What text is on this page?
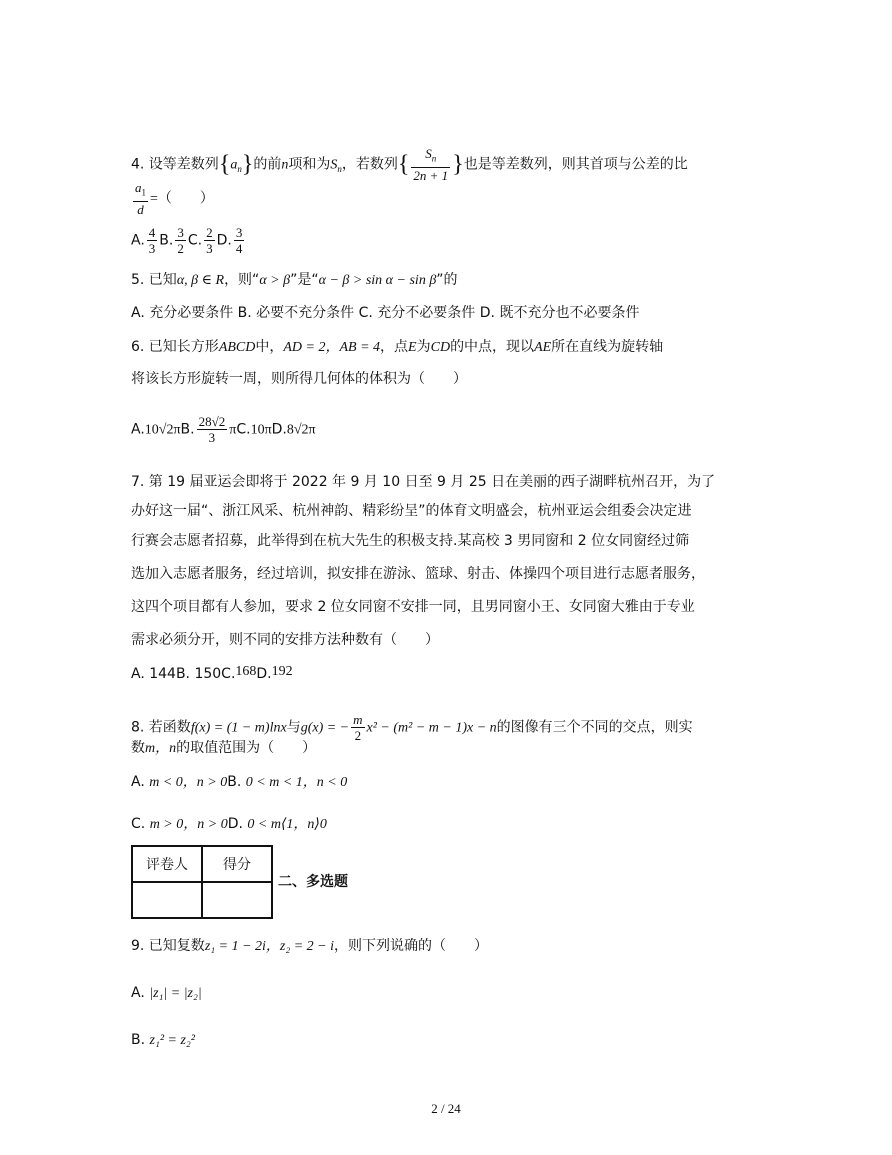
4. 设等差数列$\{a_n\}$的前n项和为$S_n$，若数列{ $\frac{S_n}{2n + 1}$ }也是等差数列，则其首项与公差的比
$\frac{a_1}{d}$ =（　　）
A. $\frac{4}{3} B$. $\frac{3}{2} C$. $\frac{2}{3} D$. $\frac{3}{4}$
5. 已知α, β ∈ R，则“α > β”是“α − β > sin α − sin β”的
A. 充分必要条件 B. 必要不充分条件 C. 充分不必要条件 D. 既不充分也不必要条件
6. 已知长方形ABCD中，AD = 2，AB = 4，点E为CD的中点，现以AE所在直线为旋转轴
将该长方形旋转一周，则所得几何体的体积为（　　）
A.10√2πB. $\frac{28√2}{3} \pi C.10\pi D.8√2\pi$
7. 第 19 届亚运会即将于 2022 年 9 月 10 日至 9 月 25 日在美丽的西子湖畔杭州召开，为了
办好这一届“、浙江风采、杭州神韵、精彩纷呈”的体育文明盛会，杭州亚运会组委会决定进
行赛会志愿者招募，此举得到在杭大先生的积极支持.某高校 3 男同窗和 2 位女同窗经过筛
选加入志愿者服务，经过培训，拟安排在游泳、篮球、射击、体操四个项目进行志愿者服务，
这四个项目都有人参加，要求 2 位女同窗不安排一同，且男同窗小王、女同窗大雅由于专业
需求必须分开，则不同的安排方法种数有（　　）
A. 144B. 150C.168D.192
8. 若函数f(x) = (1 − m)lnx与g(x) = − $\frac{m}{2} x^2 - (m^2 - m - 1)x - n$的图像有三个不同的交点，则实
数m，n的取值范围为（　　）
A. m < 0，n > 0B. 0 < m < 1，n < 0
C. m > 0，n > 0D. 0 < m⟨1，n⟩0
评卷人	得分

二、多选题
9. 已知复数z₁ = 1 − 2i，z₂ = 2 − i，则下列说确的（　　）
A. |z₁| = |z₂|
B. z₁² = z₂²
2 / 24
